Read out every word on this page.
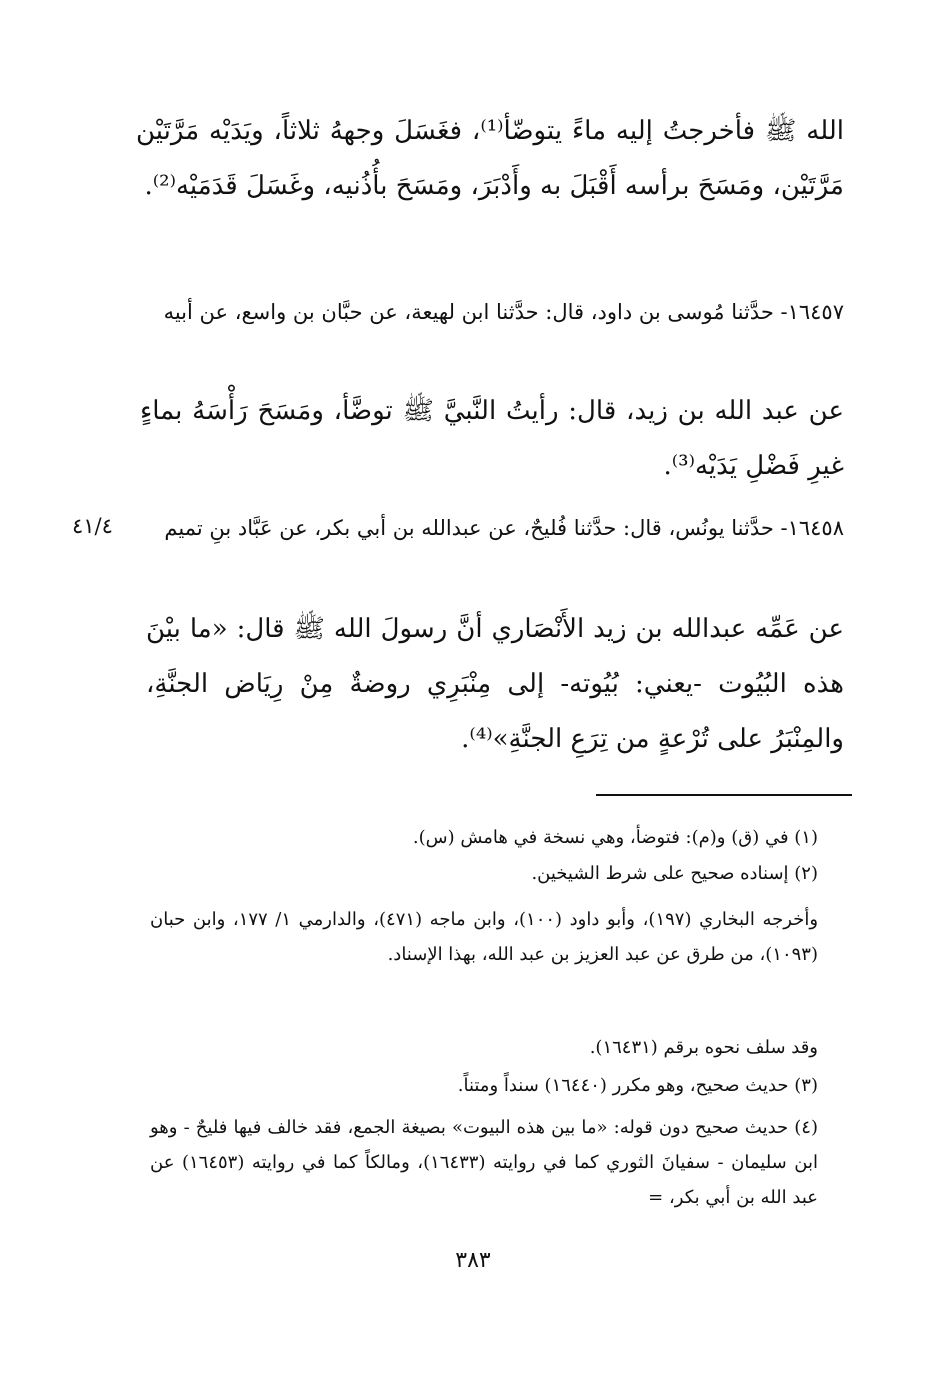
الله ﷺ فأخرجتُ إليه ماءً يتوضّأ⁽¹⁾، فغَسَلَ وجههُ ثلاثاً، ويَدَيْه مَرَّتَيْن مَرَّتَيْن، ومَسَحَ برأسه أَقْبَلَ به وأَدْبَرَ، ومَسَحَ بأُذُنيه، وغَسَلَ قَدَمَيْه⁽²⁾.

١٦٤٥٧- حدَّثنا مُوسى بن داود، قال: حدَّثنا ابن لهيعة، عن حبَّان بن واسع، عن أبيه

عن عبد الله بن زيد، قال: رأيتُ النَّبيَّ ﷺ توضَّأ، ومَسَحَ رَأْسَهُ بماءٍ غيرِ فَضْلِ يَدَيْه⁽³⁾.

٤١/٤	١٦٤٥٨- حدَّثنا يونُس، قال: حدَّثنا فُليحٌ، عن عبدالله بن أبي بكر، عن عَبَّاد بنِ تميم

عن عَمِّه عبدالله بن زيد الأَنْصَاري أنَّ رسولَ الله ﷺ قال: «ما بيْنَ هذه البُيُوت -يعني: بُيُوته- إلى مِنْبَرِي روضةٌ مِنْ رِيَاض الجنَّةِ، والمِنْبَرُ على تُرْعةٍ من تِرَعِ الجنَّةِ»⁽⁴⁾.

(١) في (ق) و(م): فتوضأ، وهي نسخة في هامش (س).

(٢) إسناده صحيح على شرط الشيخين.

وأخرجه البخاري (١٩٧)، وأبو داود (١٠٠)، وابن ماجه (٤٧١)، والدارمي ١/ ١٧٧، وابن حبان (١٠٩٣)، من طرق عن عبد العزيز بن عبد الله، بهذا الإسناد.

وقد سلف نحوه برقم (١٦٤٣١).

(٣) حديث صحيح، وهو مكرر (١٦٤٤٠) سنداً ومتناً.

(٤) حديث صحيح دون قوله: «ما بين هذه البيوت» بصيغة الجمع، فقد خالف فيها فليحٌ - وهو ابن سليمان - سفيانَ الثوري كما في روايته (١٦٤٣٣)، ومالكاً كما في روايته (١٦٤٥٣) عن عبد الله بن أبي بكر، =

٣٨٣
